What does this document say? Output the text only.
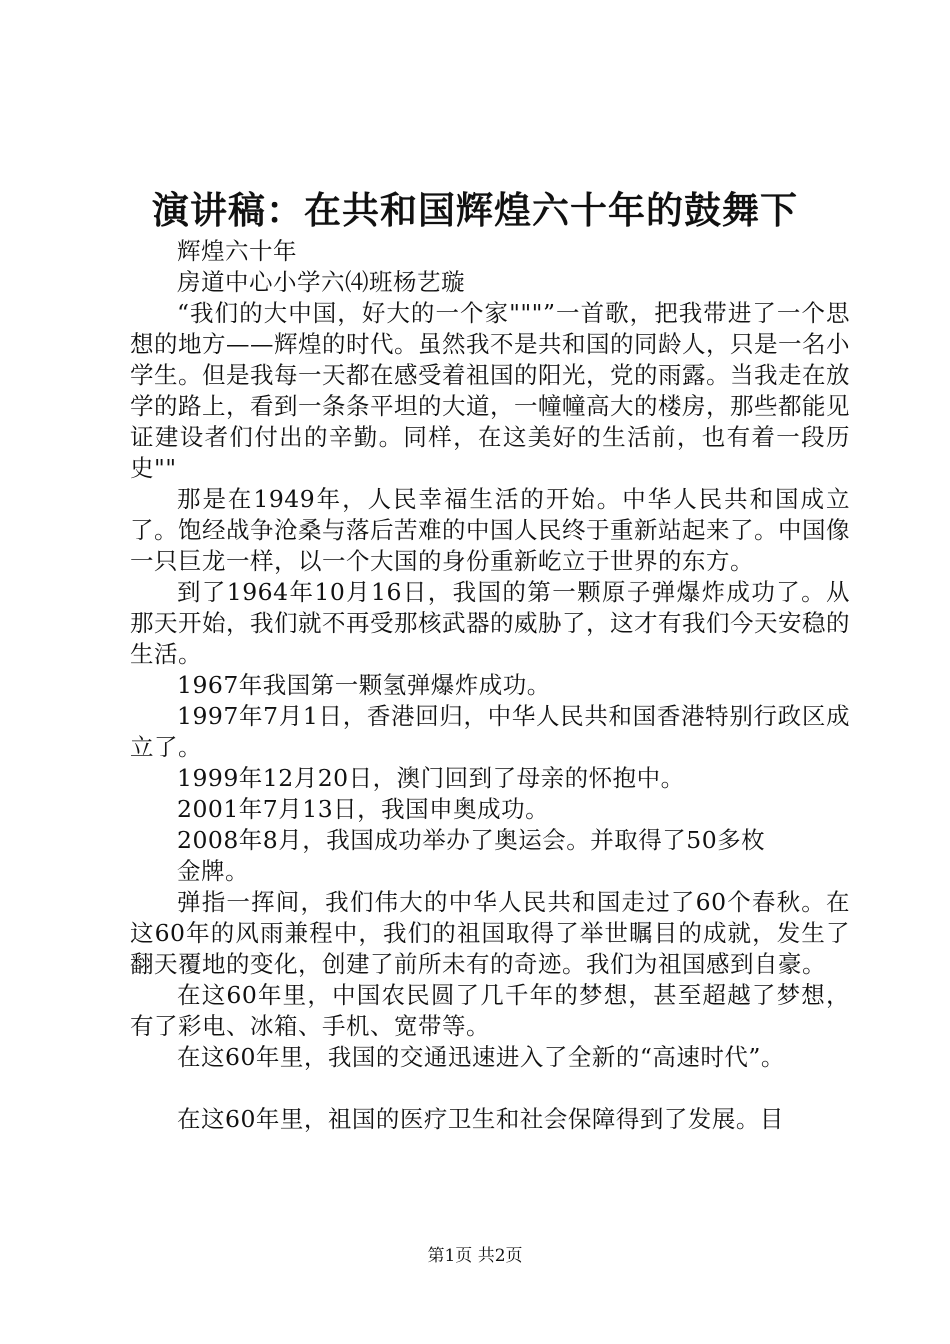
演讲稿：在共和国辉煌六十年的鼓舞下

辉煌六十年

房道中心小学六⑷班杨艺璇

“我们的大中国，好大的一个家"""”一首歌，把我带进了一个思想的地方——辉煌的时代。虽然我不是共和国的同龄人，只是一名小学生。但是我每一天都在感受着祖国的阳光，党的雨露。当我走在放学的路上，看到一条条平坦的大道，一幢幢高大的楼房，那些都能见证建设者们付出的辛勤。同样，在这美好的生活前，也有着一段历史""

那是在1949年，人民幸福生活的开始。中华人民共和国成立了。饱经战争沧桑与落后苦难的中国人民终于重新站起来了。中国像一只巨龙一样，以一个大国的身份重新屹立于世界的东方。

到了1964年10月16日，我国的第一颗原子弹爆炸成功了。从那天开始，我们就不再受那核武器的威胁了，这才有我们今天安稳的生活。

1967年我国第一颗氢弹爆炸成功。

1997年7月1日，香港回归，中华人民共和国香港特别行政区成立了。

1999年12月20日，澳门回到了母亲的怀抱中。

2001年7月13日，我国申奥成功。

2008年8月，我国成功举办了奥运会。并取得了50多枚

金牌。

弹指一挥间，我们伟大的中华人民共和国走过了60个春秋。在这60年的风雨兼程中，我们的祖国取得了举世瞩目的成就，发生了翻天覆地的变化，创建了前所未有的奇迹。我们为祖国感到自豪。

在这60年里，中国农民圆了几千年的梦想，甚至超越了梦想，有了彩电、冰箱、手机、宽带等。

在这60年里，我国的交通迅速进入了全新的“高速时代”。

在这60年里，祖国的医疗卫生和社会保障得到了发展。目

第1页 共2页
